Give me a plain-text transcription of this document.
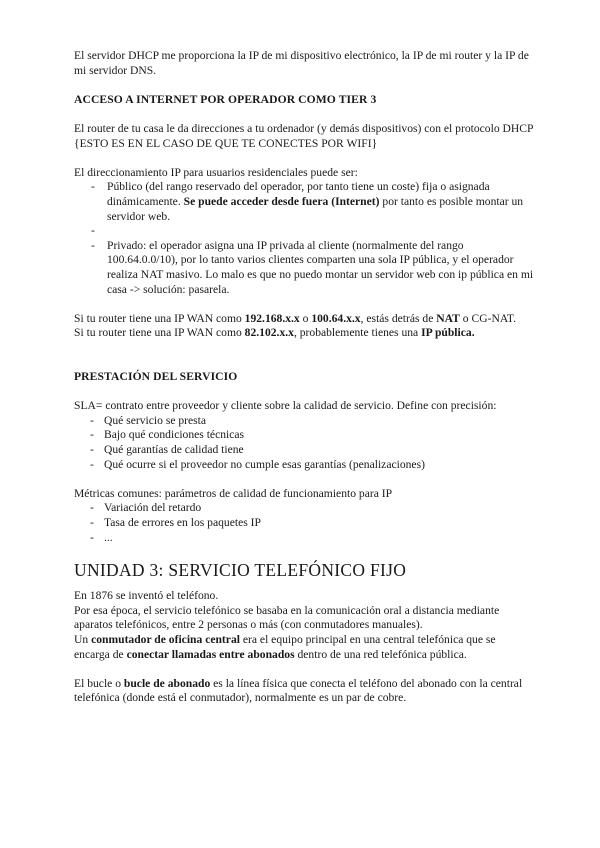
El servidor DHCP me proporciona la IP de mi dispositivo electrónico, la IP de mi router y la IP de mi servidor DNS.

ACCESO A INTERNET POR OPERADOR COMO TIER 3

El router de tu casa le da direcciones a tu ordenador (y demás dispositivos) con el protocolo DHCP {ESTO ES EN EL CASO DE QUE TE CONECTES POR WIFI}

El direccionamiento IP para usuarios residenciales puede ser:

- Público (del rango reservado del operador, por tanto tiene un coste) fija o asignada dinámicamente. Se puede acceder desde fuera (Internet) por tanto es posible montar un servidor web.
-
- Privado: el operador asigna una IP privada al cliente (normalmente del rango 100.64.0.0/10), por lo tanto varios clientes comparten una sola IP pública, y el operador realiza NAT masivo. Lo malo es que no puedo montar un servidor web con ip pública en mi casa -> solución: pasarela.

Si tu router tiene una IP WAN como 192.168.x.x o 100.64.x.x, estás detrás de NAT o CG-NAT.

Si tu router tiene una IP WAN como 82.102.x.x, probablemente tienes una IP pública.

PRESTACIÓN DEL SERVICIO

SLA= contrato entre proveedor y cliente sobre la calidad de servicio. Define con precisión:

- Qué servicio se presta
- Bajo qué condiciones técnicas
- Qué garantías de calidad tiene
- Qué ocurre si el proveedor no cumple esas garantías (penalizaciones)

Métricas comunes: parámetros de calidad de funcionamiento para IP

- Variación del retardo
- Tasa de errores en los paquetes IP
- ...

UNIDAD 3: SERVICIO TELEFÓNICO FIJO

En 1876 se inventó el teléfono.

Por esa época, el servicio telefónico se basaba en la comunicación oral a distancia mediante aparatos telefónicos, entre 2 personas o más (con conmutadores manuales).

Un conmutador de oficina central era el equipo principal en una central telefónica que se encarga de conectar llamadas entre abonados dentro de una red telefónica pública.

El bucle o bucle de abonado es la línea física que conecta el teléfono del abonado con la central telefónica (donde está el conmutador), normalmente es un par de cobre.
